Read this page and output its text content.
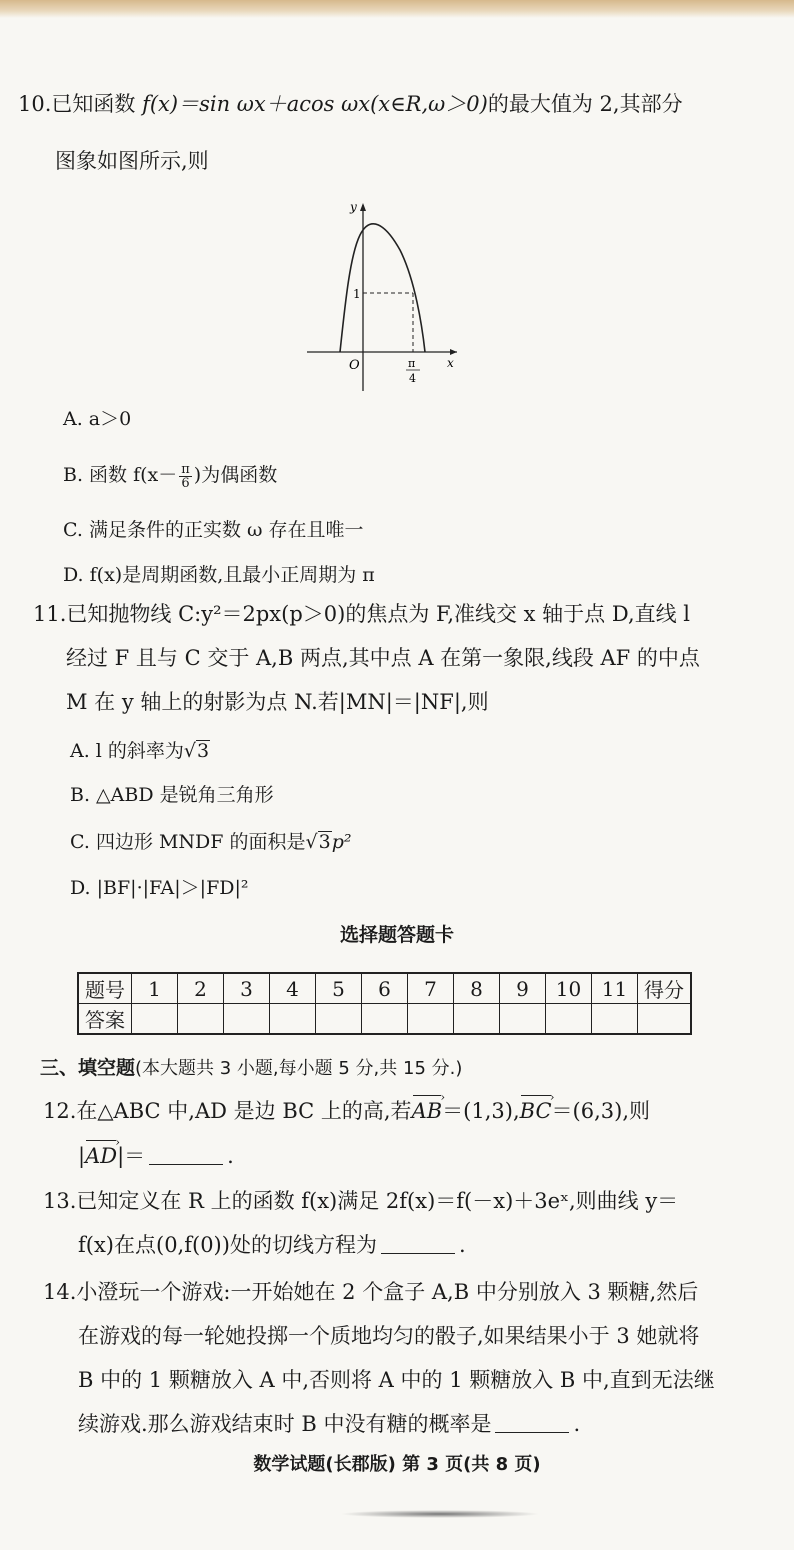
10.已知函数 f(x)＝sin ωx＋acos ωx(x∈R,ω＞0)的最大值为 2,其部分
图象如图所示,则
y
x
O
1
π
4
A. a＞0
B. 函数 $f(x- \frac{\pi}{6}$ )为偶函数
C. 满足条件的正实数 ω 存在且唯一
D. f(x)是周期函数,且最小正周期为 π
11.已知抛物线 C:y²＝2px(p＞0)的焦点为 F,准线交 x 轴于点 D,直线 l
经过 F 且与 C 交于 A,B 两点,其中点 A 在第一象限,线段 AF 的中点
M 在 y 轴上的射影为点 N.若|MN|＝|NF|,则
A. l 的斜率为√3
B. △ABD 是锐角三角形
C. 四边形 MNDF 的面积是√3p²
D. |BF|·|FA|＞|FD|²
选择题答题卡
题号	1	2	3	4	5	6	7	8	9	10	11	得分
答案												
三、填空题(本大题共 3 小题,每小题 5 分,共 15 分.)
12.在△ABC 中,AD 是边 BC 上的高,若AB ›＝(1,3),BC ›＝(6,3),则
|AD ›|＝	.
13.已知定义在 R 上的函数 f(x)满足 2f(x)＝f(－x)＋3eˣ,则曲线 y＝
f(x)在点(0,f(0))处的切线方程为	.
14.小澄玩一个游戏:一开始她在 2 个盒子 A,B 中分别放入 3 颗糖,然后
在游戏的每一轮她投掷一个质地均匀的骰子,如果结果小于 3 她就将
B 中的 1 颗糖放入 A 中,否则将 A 中的 1 颗糖放入 B 中,直到无法继
续游戏.那么游戏结束时 B 中没有糖的概率是	.
数学试题(长郡版) 第 3 页(共 8 页)
